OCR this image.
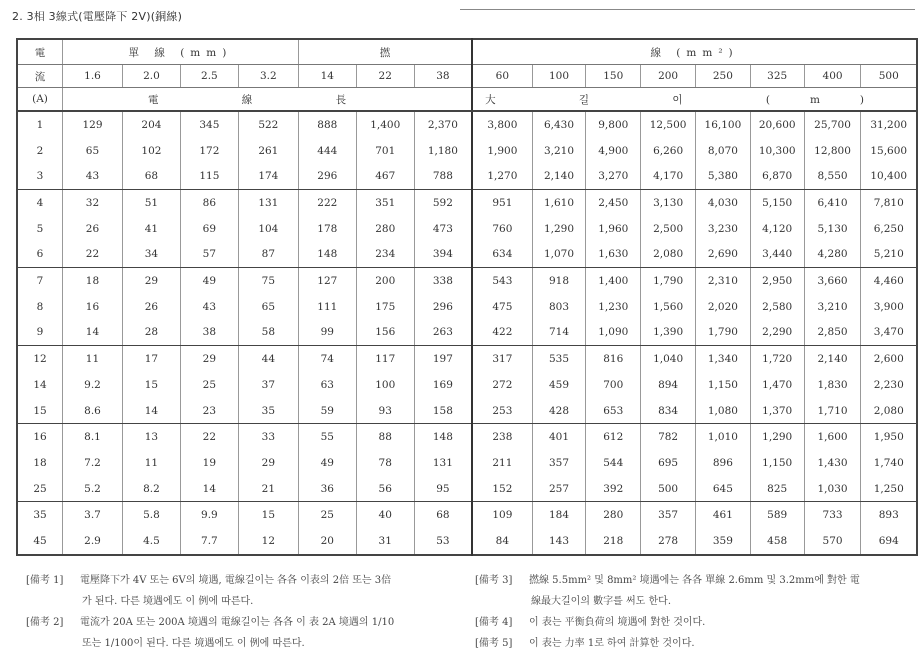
2. 3相 3線式(電壓降下 2V)(銅線)
電	單 線 (mm)				撚			線 (mm²)							
流	1.6	2.0	2.5	3.2	14	22	38	60	100	150	200	250	325	400	500
(A)	電 線 長							大 길 이 (m)							
1	129	204	345	522	888	1,400	2,370	3,800	6,430	9,800	12,500	16,100	20,600	25,700	31,200
2	65	102	172	261	444	701	1,180	1,900	3,210	4,900	6,260	8,070	10,300	12,800	15,600
3	43	68	115	174	296	467	788	1,270	2,140	3,270	4,170	5,380	6,870	8,550	10,400
4	32	51	86	131	222	351	592	951	1,610	2,450	3,130	4,030	5,150	6,410	7,810
5	26	41	69	104	178	280	473	760	1,290	1,960	2,500	3,230	4,120	5,130	6,250
6	22	34	57	87	148	234	394	634	1,070	1,630	2,080	2,690	3,440	4,280	5,210
7	18	29	49	75	127	200	338	543	918	1,400	1,790	2,310	2,950	3,660	4,460
8	16	26	43	65	111	175	296	475	803	1,230	1,560	2,020	2,580	3,210	3,900
9	14	28	38	58	99	156	263	422	714	1,090	1,390	1,790	2,290	2,850	3,470
12	11	17	29	44	74	117	197	317	535	816	1,040	1,340	1,720	2,140	2,600
14	9.2	15	25	37	63	100	169	272	459	700	894	1,150	1,470	1,830	2,230
15	8.6	14	23	35	59	93	158	253	428	653	834	1,080	1,370	1,710	2,080
16	8.1	13	22	33	55	88	148	238	401	612	782	1,010	1,290	1,600	1,950
18	7.2	11	19	29	49	78	131	211	357	544	695	896	1,150	1,430	1,740
25	5.2	8.2	14	21	36	56	95	152	257	392	500	645	825	1,030	1,250
35	3.7	5.8	9.9	15	25	40	68	109	184	280	357	461	589	733	893
45	2.9	4.5	7.7	12	20	31	53	84	143	218	278	359	458	570	694
[備考 1] 電壓降下가 4V 또는 6V의 境遇, 電線길이는 各各 이表의 2倍 또는 3倍
가 된다. 다른 境遇에도 이 例에 따른다.
[備考 2] 電流가 20A 또는 200A 境遇의 電線길이는 各各 이 表 2A 境遇의 1/10
또는 1/100이 된다. 다른 境遇에도 이 例에 따른다.
[備考 3] 撚線 5.5mm² 및 8mm² 境遇에는 各各 單線 2.6mm 및 3.2mm에 對한 電
線最大길이의 數字를 써도 한다.
[備考 4] 이 表는 平衡負荷의 境遇에 對한 것이다.
[備考 5] 이 表는 力率 1로 하여 計算한 것이다.
